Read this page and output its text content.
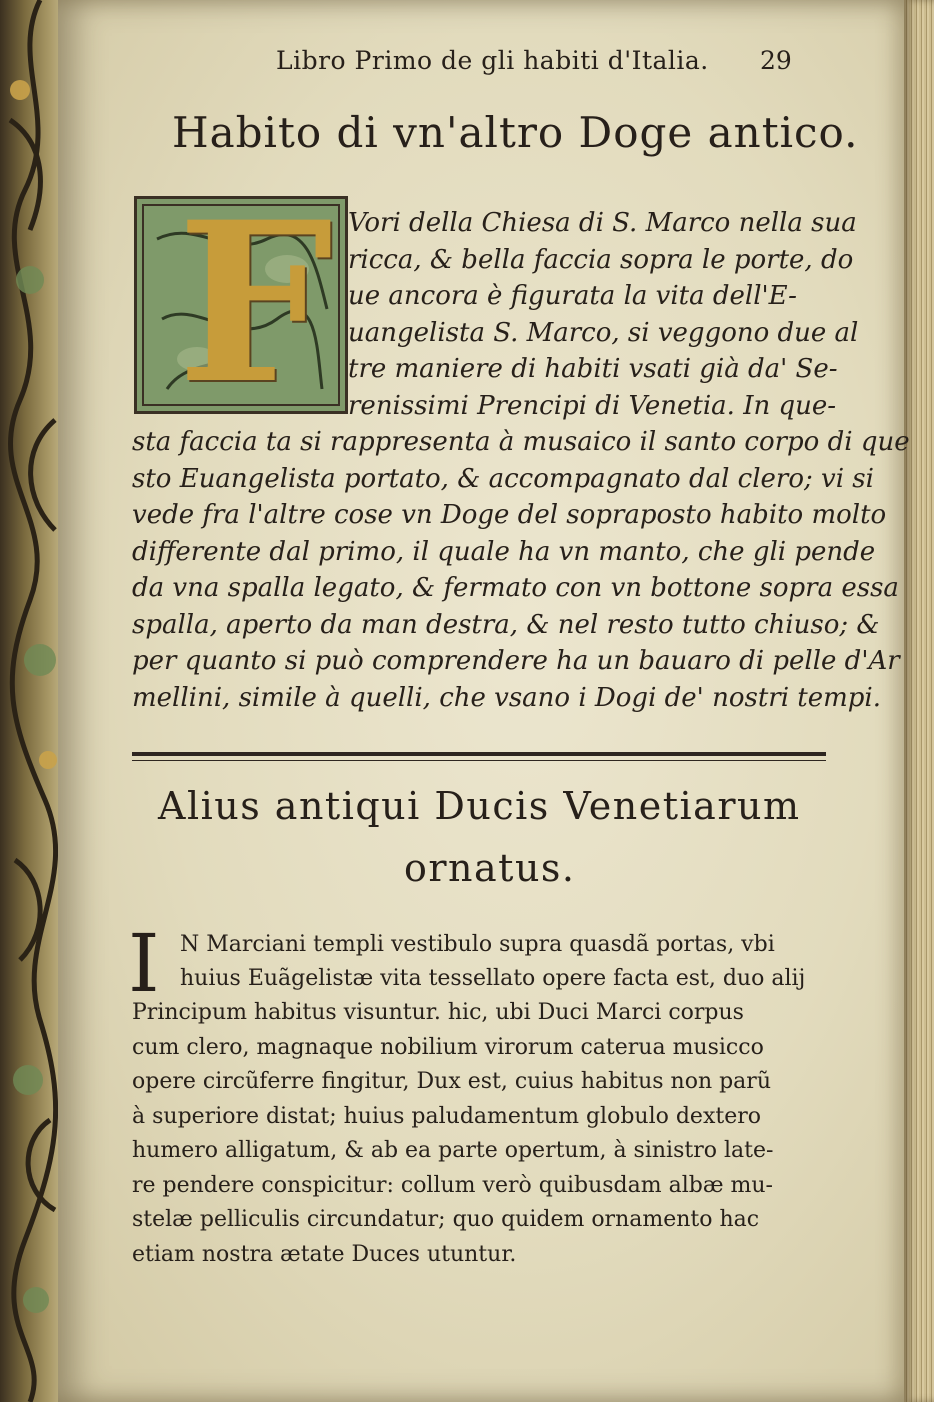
Libro Primo de gli habiti d'Italia. 29
Habito di vn'altro Doge antico.
F Vori della Chiesa di S. Marco nella sua
ricca, & bella faccia sopra le porte, do
ue ancora è figurata la vita dell'E-
uangelista S. Marco, si veggono due al
tre maniere di habiti vsati già da' Se-
renissimi Prencipi di Venetia. In que-
sta faccia ta si rappresenta à musaico il santo corpo di que
sto Euangelista portato, & accompagnato dal clero; vi si
vede fra l'altre cose vn Doge del sopraposto habito molto
differente dal primo, il quale ha vn manto, che gli pende
da vna spalla legato, & fermato con vn bottone sopra essa
spalla, aperto da man destra, & nel resto tutto chiuso; &
per quanto si può comprendere ha un bauaro di pelle d'Ar
mellini, simile à quelli, che vsano i Dogi de' nostri tempi.
Alius antiqui Ducis Venetiarum
ornatus.
I N Marciani templi vestibulo supra quasdã portas, vbi
huius Euãgelistæ vita tessellato opere facta est, duo alij
Principum habitus visuntur. hic, ubi Duci Marci corpus
cum clero, magnaque nobilium virorum caterua musicco
opere circũferre fingitur, Dux est, cuius habitus non parũ
à superiore distat; huius paludamentum globulo dextero
humero alligatum, & ab ea parte opertum, à sinistro late-
re pendere conspicitur: collum verò quibusdam albæ mu-
stelæ pelliculis circundatur; quo quidem ornamento hac
etiam nostra ætate Duces utuntur.
